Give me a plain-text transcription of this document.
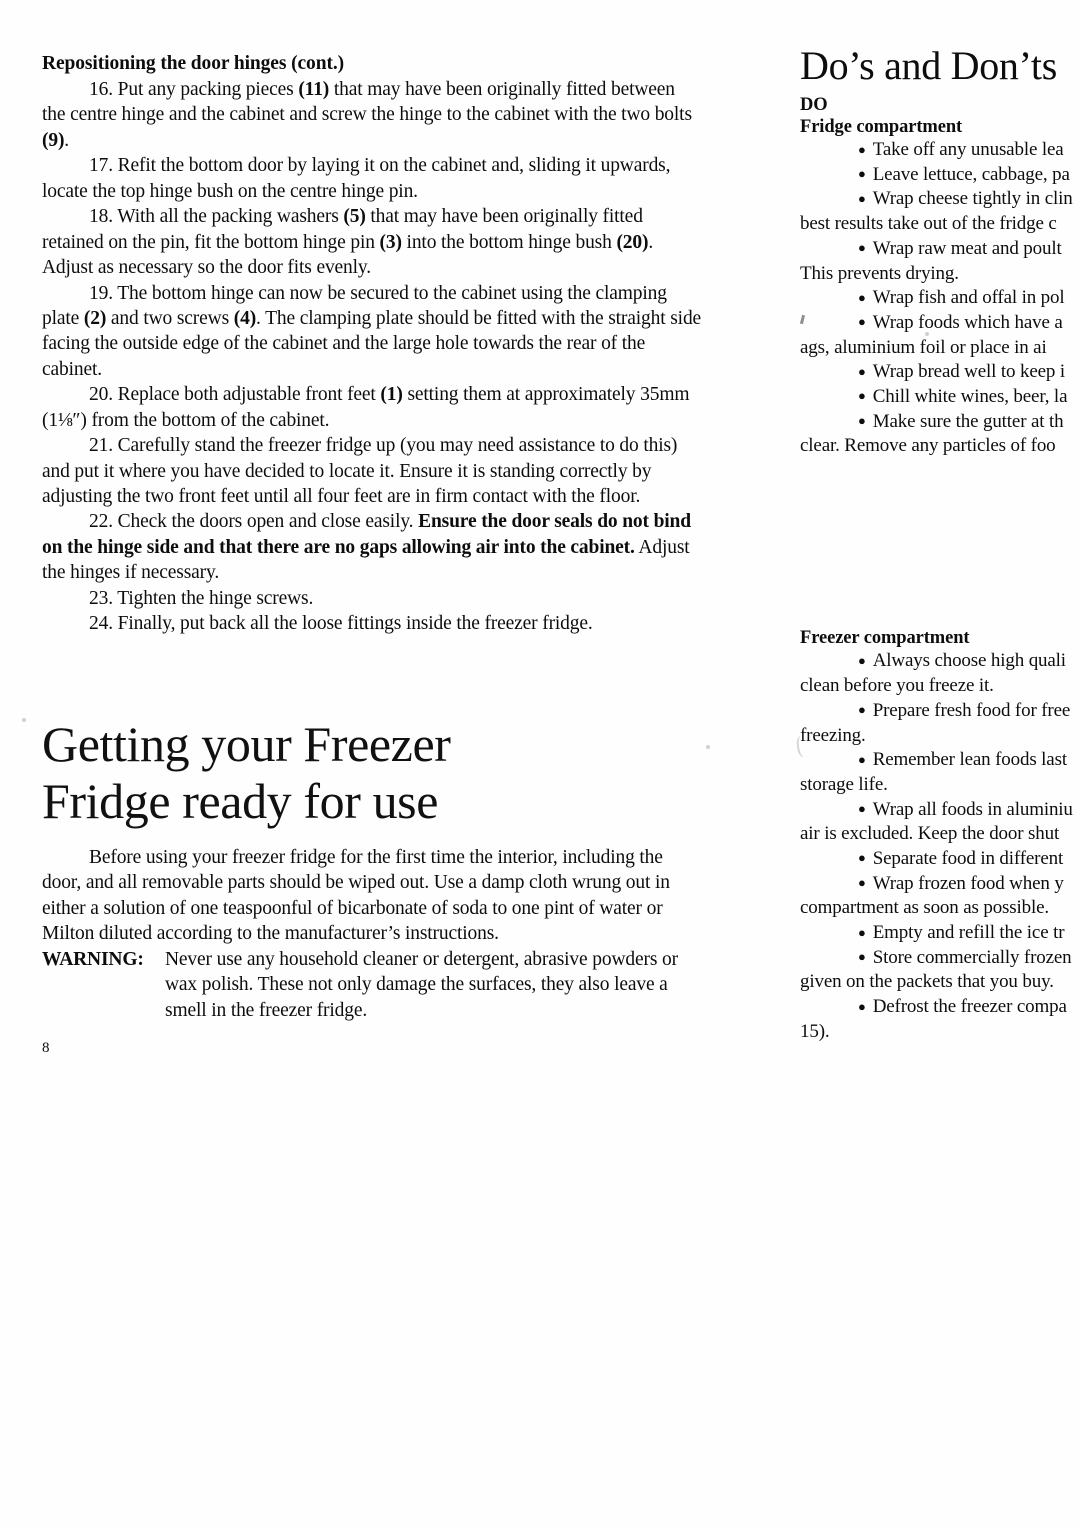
Repositioning the door hinges (cont.)

16. Put any packing pieces (11) that may have been originally fitted between the centre hinge and the cabinet and screw the hinge to the cabinet with the two bolts (9).

17. Refit the bottom door by laying it on the cabinet and, sliding it upwards, locate the top hinge bush on the centre hinge pin.

18. With all the packing washers (5) that may have been originally fitted retained on the pin, fit the bottom hinge pin (3) into the bottom hinge bush (20). Adjust as necessary so the door fits evenly.

19. The bottom hinge can now be secured to the cabinet using the clamping plate (2) and two screws (4). The clamping plate should be fitted with the straight side facing the outside edge of the cabinet and the large hole towards the rear of the cabinet.

20. Replace both adjustable front feet (1) setting them at approximately 35mm (1⅛″) from the bottom of the cabinet.

21. Carefully stand the freezer fridge up (you may need assistance to do this) and put it where you have decided to locate it. Ensure it is standing correctly by adjusting the two front feet until all four feet are in firm contact with the floor.

22. Check the doors open and close easily. Ensure the door seals do not bind on the hinge side and that there are no gaps allowing air into the cabinet. Adjust the hinges if necessary.

23. Tighten the hinge screws.

24. Finally, put back all the loose fittings inside the freezer fridge.

Getting your Freezer
Fridge ready for use

Before using your freezer fridge for the first time the interior, including the door, and all removable parts should be wiped out. Use a damp cloth wrung out in either a solution of one teaspoonful of bicarbonate of soda to one pint of water or Milton diluted according to the manufacturer’s instructions.

WARNING:	Never use any household cleaner or detergent, abrasive powders or wax polish. These not only damage the surfaces, they also leave a smell in the freezer fridge.
8
Do’s and Don’ts
DO
Fridge compartment

● Take off any unusable lea

● Leave lettuce, cabbage, pa

● Wrap cheese tightly in clin

best results take out of the fridge c

● Wrap raw meat and poult

This prevents drying.

● Wrap fish and offal in pol

● Wrap foods which have a

ags, aluminium foil or place in ai

● Wrap bread well to keep i

● Chill white wines, beer, la

● Make sure the gutter at th

clear. Remove any particles of foo

Freezer compartment

● Always choose high quali

clean before you freeze it.

● Prepare fresh food for free

freezing.

● Remember lean foods last

storage life.

● Wrap all foods in aluminiu

air is excluded. Keep the door shut

● Separate food in different

● Wrap frozen food when y

compartment as soon as possible.

● Empty and refill the ice tr

● Store commercially frozen

given on the packets that you buy.

● Defrost the freezer compa

15).
